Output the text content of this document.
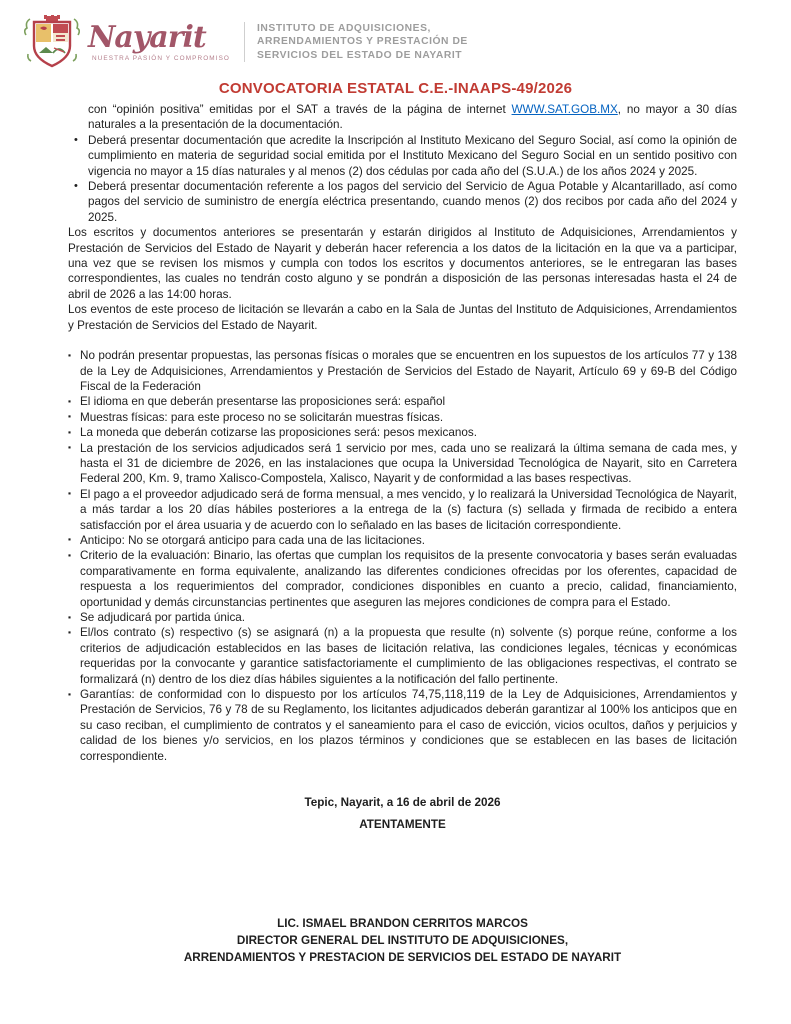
Nayarit
NUESTRA PASIÓN Y COMPROMISO
INSTITUTO DE ADQUISICIONES,
ARRENDAMIENTOS Y PRESTACIÓN DE
SERVICIOS DEL ESTADO DE NAYARIT
CONVOCATORIA ESTATAL C.E.-INAAPS-49/2026

con “opinión positiva” emitidas por el SAT a través de la página de internet WWW.SAT.GOB.MX, no mayor a 30 días naturales a la presentación de la documentación.

• Deberá presentar documentación que acredite la Inscripción al Instituto Mexicano del Seguro Social, así como la opinión de cumplimiento en materia de seguridad social emitida por el Instituto Mexicano del Seguro Social en un sentido positivo con vigencia no mayor a 15 días naturales y al menos (2) dos cédulas por cada año del (S.U.A.) de los años 2024 y 2025.
• Deberá presentar documentación referente a los pagos del servicio del Servicio de Agua Potable y Alcantarillado, así como pagos del servicio de suministro de energía eléctrica presentando, cuando menos (2) dos recibos por cada año del 2024 y 2025.

Los escritos y documentos anteriores se presentarán y estarán dirigidos al Instituto de Adquisiciones, Arrendamientos y Prestación de Servicios del Estado de Nayarit y deberán hacer referencia a los datos de la licitación en la que va a participar, una vez que se revisen los mismos y cumpla con todos los escritos y documentos anteriores, se le entregaran las bases correspondientes, las cuales no tendrán costo alguno y se pondrán a disposición de las personas interesadas hasta el 24 de abril de 2026 a las 14:00 horas.

Los eventos de este proceso de licitación se llevarán a cabo en la Sala de Juntas del Instituto de Adquisiciones, Arrendamientos y Prestación de Servicios del Estado de Nayarit.

▪ No podrán presentar propuestas, las personas físicas o morales que se encuentren en los supuestos de los artículos 77 y 138 de la Ley de Adquisiciones, Arrendamientos y Prestación de Servicios del Estado de Nayarit, Artículo 69 y 69-B del Código Fiscal de la Federación
▪ El idioma en que deberán presentarse las proposiciones será: español
▪ Muestras físicas: para este proceso no se solicitarán muestras físicas.
▪ La moneda que deberán cotizarse las proposiciones será: pesos mexicanos.
▪ La prestación de los servicios adjudicados será 1 servicio por mes, cada uno se realizará la última semana de cada mes, y hasta el 31 de diciembre de 2026, en las instalaciones que ocupa la Universidad Tecnológica de Nayarit, sito en Carretera Federal 200, Km. 9, tramo Xalisco-Compostela, Xalisco, Nayarit y de conformidad a las bases respectivas.
▪ El pago a el proveedor adjudicado será de forma mensual, a mes vencido, y lo realizará la Universidad Tecnológica de Nayarit, a más tardar a los 20 días hábiles posteriores a la entrega de la (s) factura (s) sellada y firmada de recibido a entera satisfacción por el área usuaria y de acuerdo con lo señalado en las bases de licitación correspondiente.
▪ Anticipo: No se otorgará anticipo para cada una de las licitaciones.
▪ Criterio de la evaluación: Binario, las ofertas que cumplan los requisitos de la presente convocatoria y bases serán evaluadas comparativamente en forma equivalente, analizando las diferentes condiciones ofrecidas por los oferentes, capacidad de respuesta a los requerimientos del comprador, condiciones disponibles en cuanto a precio, calidad, financiamiento, oportunidad y demás circunstancias pertinentes que aseguren las mejores condiciones de compra para el Estado.
▪ Se adjudicará por partida única.
▪ El/los contrato (s) respectivo (s) se asignará (n) a la propuesta que resulte (n) solvente (s) porque reúne, conforme a los criterios de adjudicación establecidos en las bases de licitación relativa, las condiciones legales, técnicas y económicas requeridas por la convocante y garantice satisfactoriamente el cumplimiento de las obligaciones respectivas, el contrato se formalizará (n) dentro de los diez días hábiles siguientes a la notificación del fallo pertinente.
▪ Garantías: de conformidad con lo dispuesto por los artículos 74,75,118,119 de la Ley de Adquisiciones, Arrendamientos y Prestación de Servicios, 76 y 78 de su Reglamento, los licitantes adjudicados deberán garantizar al 100% los anticipos que en su caso reciban, el cumplimiento de contratos y el saneamiento para el caso de evicción, vicios ocultos, daños y perjuicios y calidad de los bienes y/o servicios, en los plazos términos y condiciones que se establecen en las bases de licitación correspondiente.
Tepic, Nayarit, a 16 de abril de 2026
ATENTAMENTE
LIC. ISMAEL BRANDON CERRITOS MARCOS
DIRECTOR GENERAL DEL INSTITUTO DE ADQUISICIONES,
ARRENDAMIENTOS Y PRESTACION DE SERVICIOS DEL ESTADO DE NAYARIT
